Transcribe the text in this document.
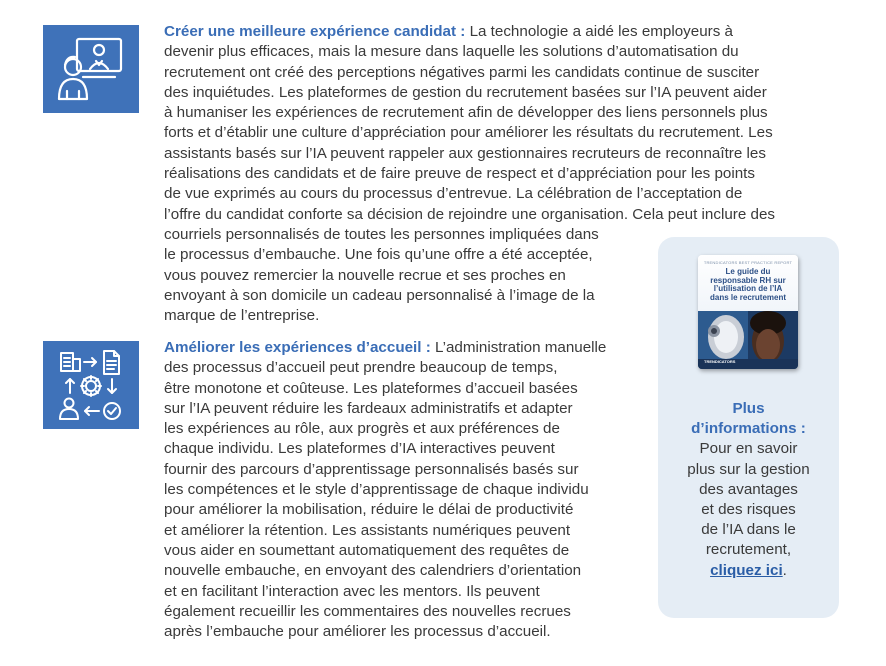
Créer une meilleure expérience candidat : La technologie a aidé les employeurs à
devenir plus efficaces, mais la mesure dans laquelle les solutions d’automatisation du
recrutement ont créé des perceptions négatives parmi les candidats continue de susciter
des inquiétudes. Les plateformes de gestion du recrutement basées sur l’IA peuvent aider
à humaniser les expériences de recrutement afin de développer des liens personnels plus
forts et d’établir une culture d’appréciation pour améliorer les résultats du recrutement. Les
assistants basés sur l’IA peuvent rappeler aux gestionnaires recruteurs de reconnaître les
réalisations des candidats et de faire preuve de respect et d’appréciation pour les points
de vue exprimés au cours du processus d’entrevue. La célébration de l’acceptation de
l’offre du candidat conforte sa décision de rejoindre une organisation. Cela peut inclure des
courriels personnalisés de toutes les personnes impliquées dans
le processus d’embauche. Une fois qu’une offre a été acceptée,
vous pouvez remercier la nouvelle recrue et ses proches en
envoyant à son domicile un cadeau personnalisé à l’image de la
marque de l’entreprise.

Améliorer les expériences d’accueil : L’administration manuelle
des processus d’accueil peut prendre beaucoup de temps,
être monotone et coûteuse. Les plateformes d’accueil basées
sur l’IA peuvent réduire les fardeaux administratifs et adapter
les expériences au rôle, aux progrès et aux préférences de
chaque individu. Les plateformes d’IA interactives peuvent
fournir des parcours d’apprentissage personnalisés basés sur
les compétences et le style d’apprentissage de chaque individu
pour améliorer la mobilisation, réduire le délai de productivité
et améliorer la rétention. Les assistants numériques peuvent
vous aider en soumettant automatiquement des requêtes de
nouvelle embauche, en envoyant des calendriers d’orientation
et en facilitant l’interaction avec les mentors. Ils peuvent
également recueillir les commentaires des nouvelles recrues
après l’embauche pour améliorer les processus d’accueil.

TRENDICATORS BEST PRACTICE REPORT
Le guide du
responsable RH sur
l’utilisation de l’IA
dans le recrutement
TRENDICATORS
Plus
d’informations :
Pour en savoir
plus sur la gestion
des avantages
et des risques
de l’IA dans le
recrutement,
cliquez ici.
